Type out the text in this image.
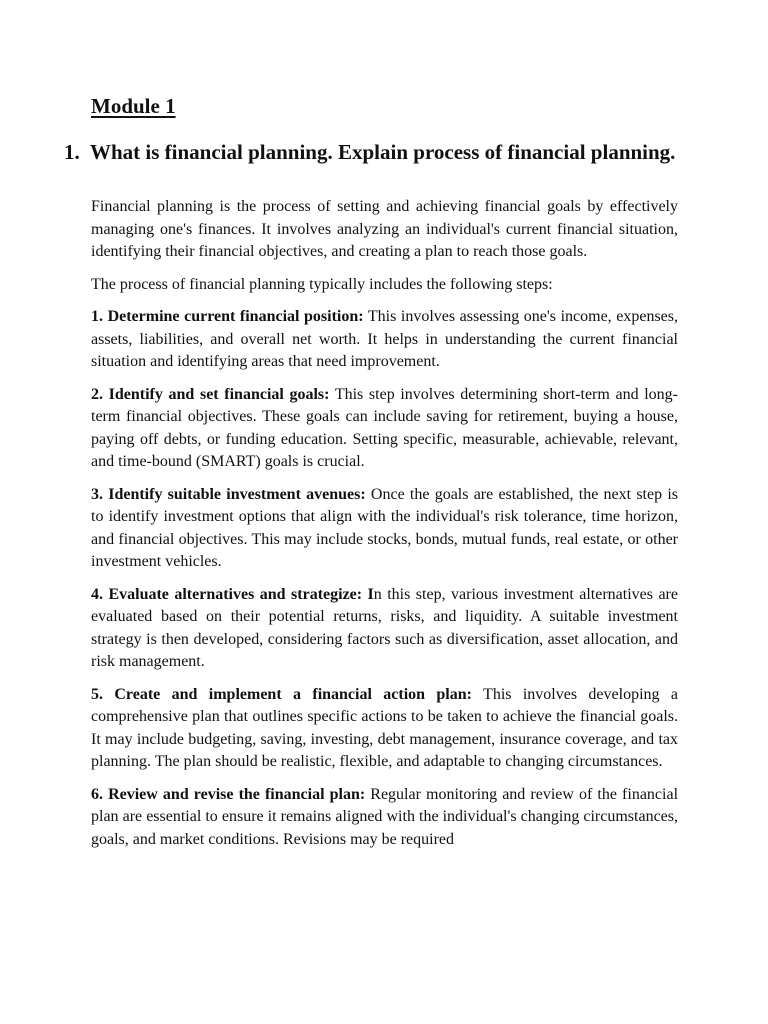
Module 1
1. What is financial planning. Explain process of financial planning.

Financial planning is the process of setting and achieving financial goals by effectively managing one's finances. It involves analyzing an individual's current financial situation, identifying their financial objectives, and creating a plan to reach those goals.

The process of financial planning typically includes the following steps:

1. Determine current financial position: This involves assessing one's income, expenses, assets, liabilities, and overall net worth. It helps in understanding the current financial situation and identifying areas that need improvement.

2. Identify and set financial goals: This step involves determining short-term and long-term financial objectives. These goals can include saving for retirement, buying a house, paying off debts, or funding education. Setting specific, measurable, achievable, relevant, and time-bound (SMART) goals is crucial.

3. Identify suitable investment avenues: Once the goals are established, the next step is to identify investment options that align with the individual's risk tolerance, time horizon, and financial objectives. This may include stocks, bonds, mutual funds, real estate, or other investment vehicles.

4. Evaluate alternatives and strategize: In this step, various investment alternatives are evaluated based on their potential returns, risks, and liquidity. A suitable investment strategy is then developed, considering factors such as diversification, asset allocation, and risk management.

5. Create and implement a financial action plan: This involves developing a comprehensive plan that outlines specific actions to be taken to achieve the financial goals. It may include budgeting, saving, investing, debt management, insurance coverage, and tax planning. The plan should be realistic, flexible, and adaptable to changing circumstances.

6. Review and revise the financial plan: Regular monitoring and review of the financial plan are essential to ensure it remains aligned with the individual's changing circumstances, goals, and market conditions. Revisions may be required
